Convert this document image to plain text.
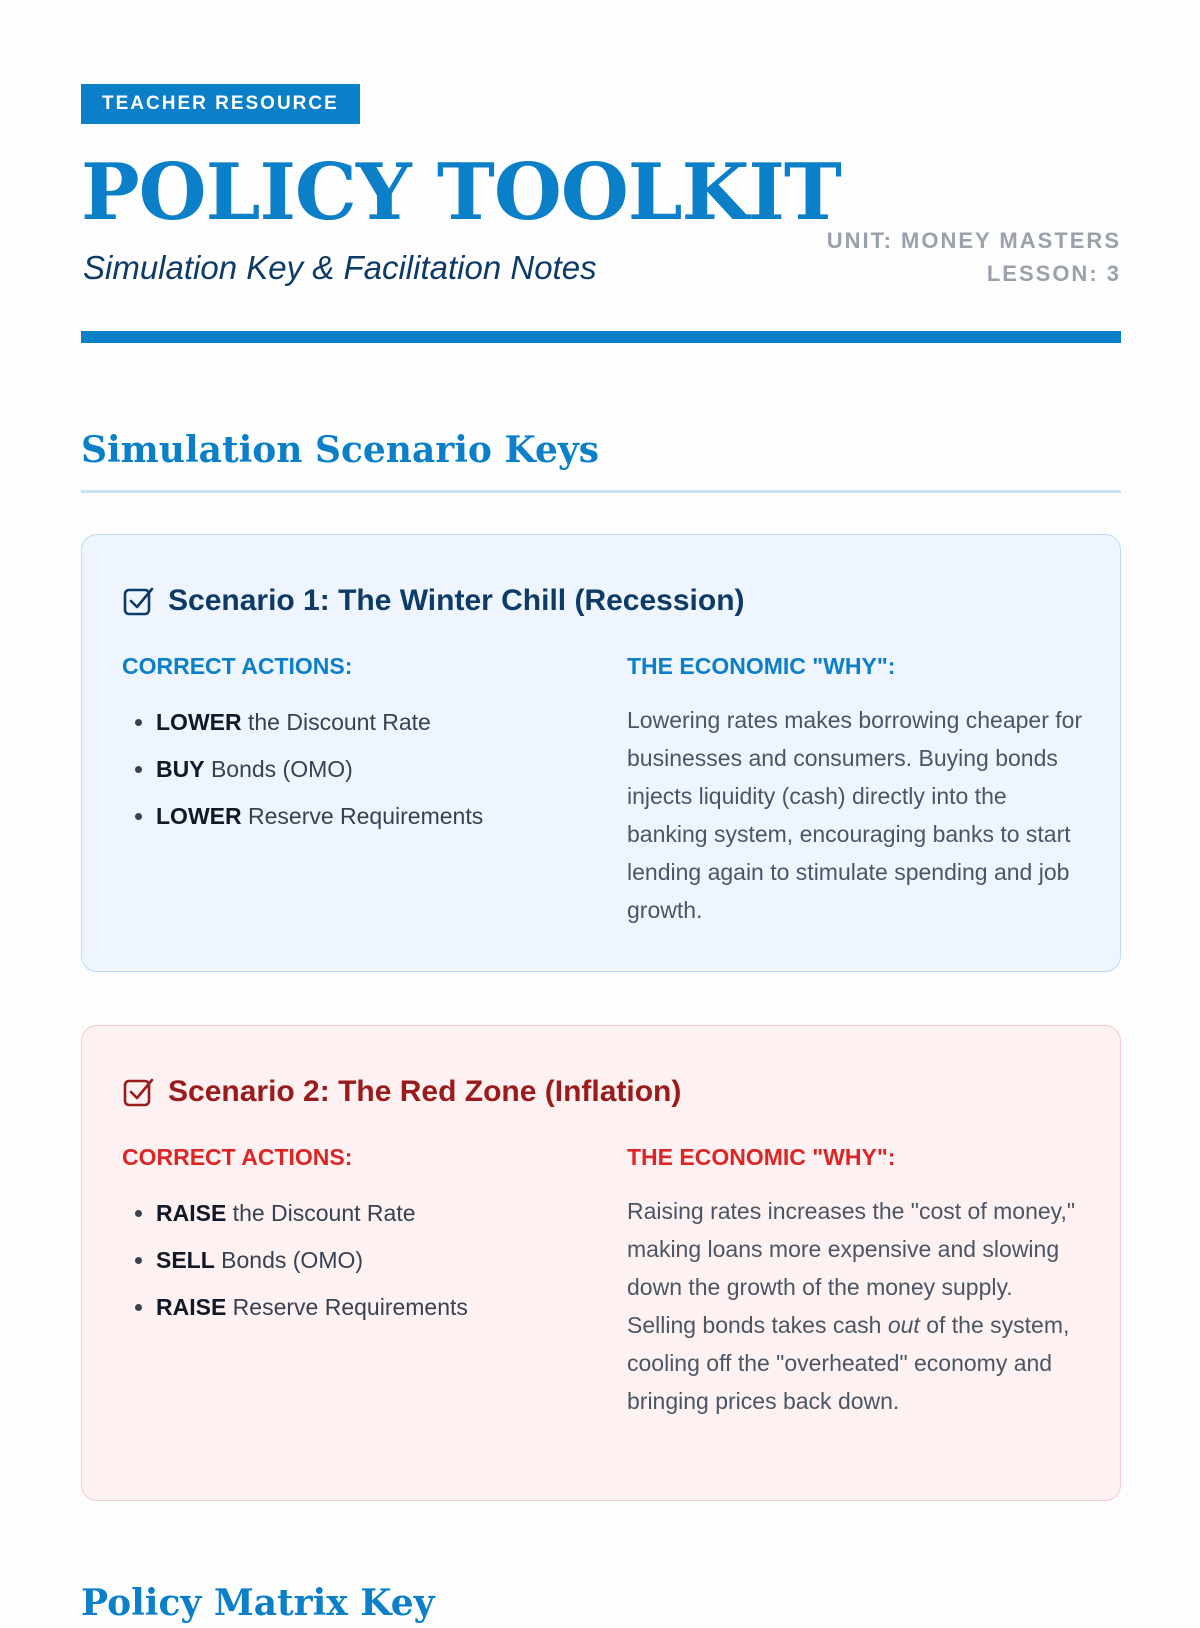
TEACHER RESOURCE
POLICY TOOLKIT
Simulation Key & Facilitation Notes
UNIT: MONEY MASTERS
LESSON: 3
Simulation Scenario Keys
Scenario 1: The Winter Chill (Recession)
CORRECT ACTIONS:	THE ECONOMIC "WHY":
• LOWER the Discount Rate
• BUY Bonds (OMO)
• LOWER Reserve Requirements

Lowering rates makes borrowing cheaper for businesses and consumers. Buying bonds injects liquidity (cash) directly into the banking system, encouraging banks to start lending again to stimulate spending and job growth.

Scenario 2: The Red Zone (Inflation)
CORRECT ACTIONS:	THE ECONOMIC "WHY":
• RAISE the Discount Rate
• SELL Bonds (OMO)
• RAISE Reserve Requirements

Raising rates increases the "cost of money," making loans more expensive and slowing down the growth of the money supply. Selling bonds takes cash out of the system, cooling off the "overheated" economy and bringing prices back down.

Policy Matrix Key
